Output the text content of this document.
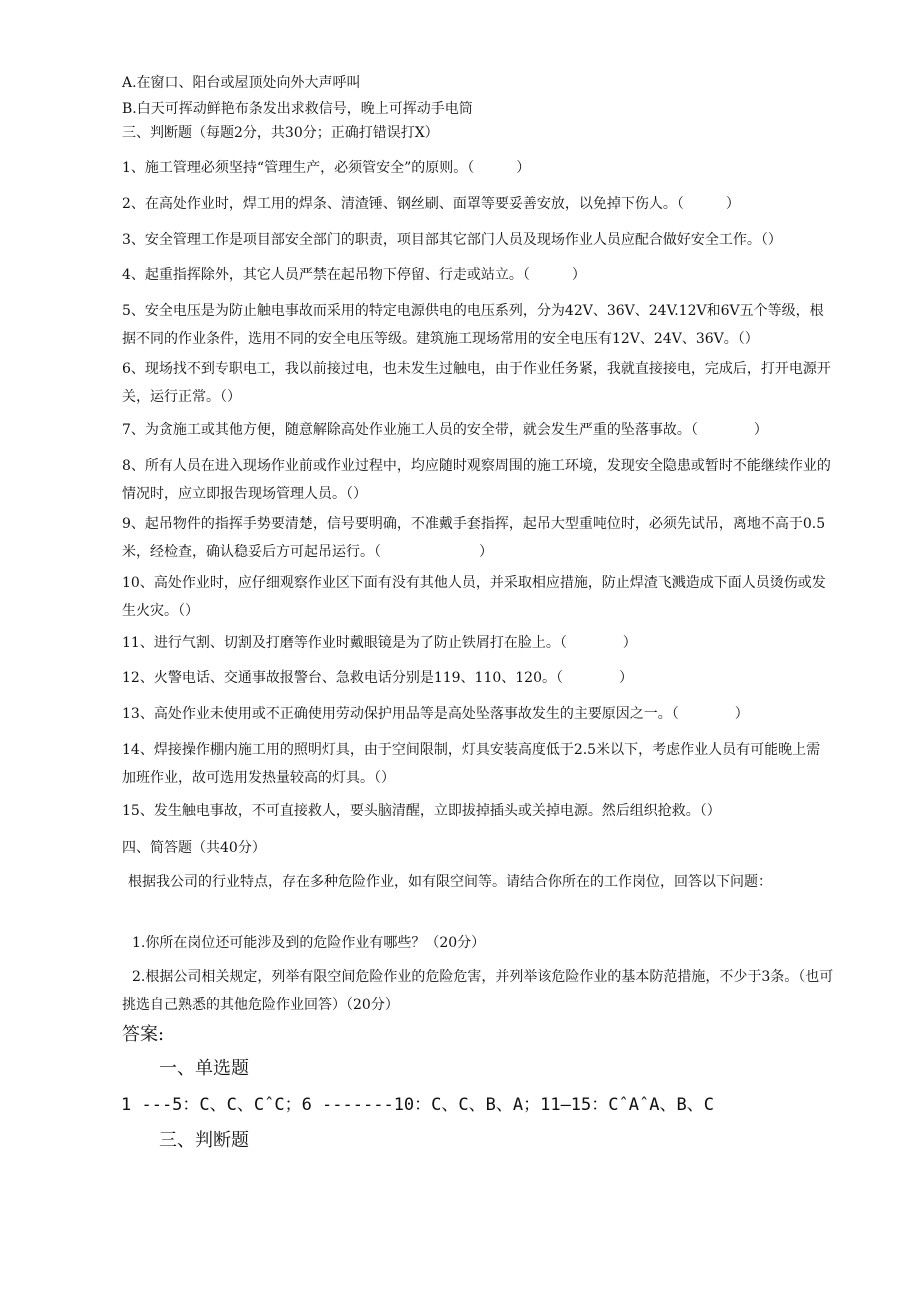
A.在窗口、阳台或屋顶处向外大声呼叫

B.白天可挥动鲜艳布条发出求救信号，晚上可挥动手电筒

三、判断题（每题2分，共30分；正确打错误打X）

1、施工管理必须坚持“管理生产，必须管安全”的原则。（　　　）

2、在高处作业时，焊工用的焊条、清渣锤、钢丝刷、面罩等要妥善安放，以免掉下伤人。（　　　）

3、安全管理工作是项目部安全部门的职责，项目部其它部门人员及现场作业人员应配合做好安全工作。（）

4、起重指挥除外，其它人员严禁在起吊物下停留、行走或站立。（　　　）

5、安全电压是为防止触电事故而采用的特定电源供电的电压系列，分为42V、36V、24V.12V和6V五个等级，根据不同的作业条件，选用不同的安全电压等级。建筑施工现场常用的安全电压有12V、24V、36V。（）

6、现场找不到专职电工，我以前接过电，也未发生过触电，由于作业任务紧，我就直接接电，完成后，打开电源开关，运行正常。（）

7、为贪施工或其他方便，随意解除高处作业施工人员的安全带，就会发生严重的坠落事故。（　　　　）

8、所有人员在进入现场作业前或作业过程中，均应随时观察周围的施工环境，发现安全隐患或暂时不能继续作业的情况时，应立即报告现场管理人员。（）

9、起吊物件的指挥手势要清楚，信号要明确，不准戴手套指挥，起吊大型重吨位时，必须先试吊，离地不高于0.5米，经检查，确认稳妥后方可起吊运行。（　　　　　　　）

10、高处作业时，应仔细观察作业区下面有没有其他人员，并采取相应措施，防止焊渣飞溅造成下面人员烫伤或发生火灾。（）

11、进行气割、切割及打磨等作业时戴眼镜是为了防止铁屑打在脸上。（　　　　）

12、火警电话、交通事故报警台、急救电话分别是119、110、120。（　　　　）

13、高处作业未使用或不正确使用劳动保护用品等是高处坠落事故发生的主要原因之一。（　　　　）

14、焊接操作棚内施工用的照明灯具，由于空间限制，灯具安装高度低于2.5米以下，考虑作业人员有可能晚上需加班作业，故可选用发热量较高的灯具。（）

15、发生触电事故，不可直接救人，要头脑清醒，立即拔掉插头或关掉电源。然后组织抢救。（）

四、简答题（共40分）

根据我公司的行业特点，存在多种危险作业，如有限空间等。请结合你所在的工作岗位，回答以下问题：

1.你所在岗位还可能涉及到的危险作业有哪些？（20分）

2.根据公司相关规定，列举有限空间危险作业的危险危害，并列举该危险作业的基本防范措施，不少于3条。（也可挑选自己熟悉的其他危险作业回答）（20分）

答案:

一、单选题

1 ---5：C、C、CˆC；6 -------10：C、C、B、A；11—15：CˆAˆA、B、C

三、判断题
